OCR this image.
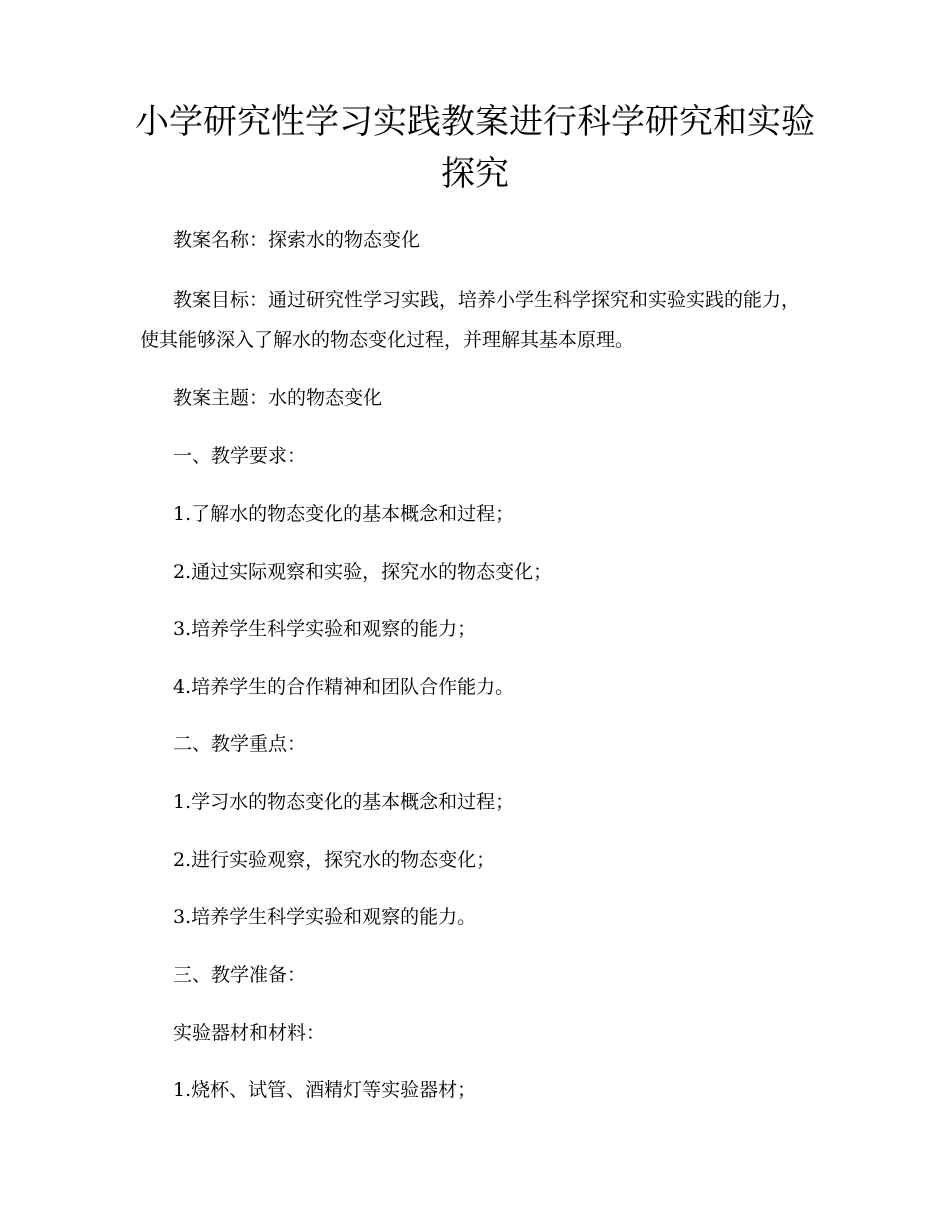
小学研究性学习实践教案进行科学研究和实验探究

教案名称：探索水的物态变化

教案目标：通过研究性学习实践，培养小学生科学探究和实验实践的能力，使其能够深入了解水的物态变化过程，并理解其基本原理。

教案主题：水的物态变化

一、教学要求：

1.了解水的物态变化的基本概念和过程；

2.通过实际观察和实验，探究水的物态变化；

3.培养学生科学实验和观察的能力；

4.培养学生的合作精神和团队合作能力。

二、教学重点：

1.学习水的物态变化的基本概念和过程；

2.进行实验观察，探究水的物态变化；

3.培养学生科学实验和观察的能力。

三、教学准备：

实验器材和材料：

1.烧杯、试管、酒精灯等实验器材；
